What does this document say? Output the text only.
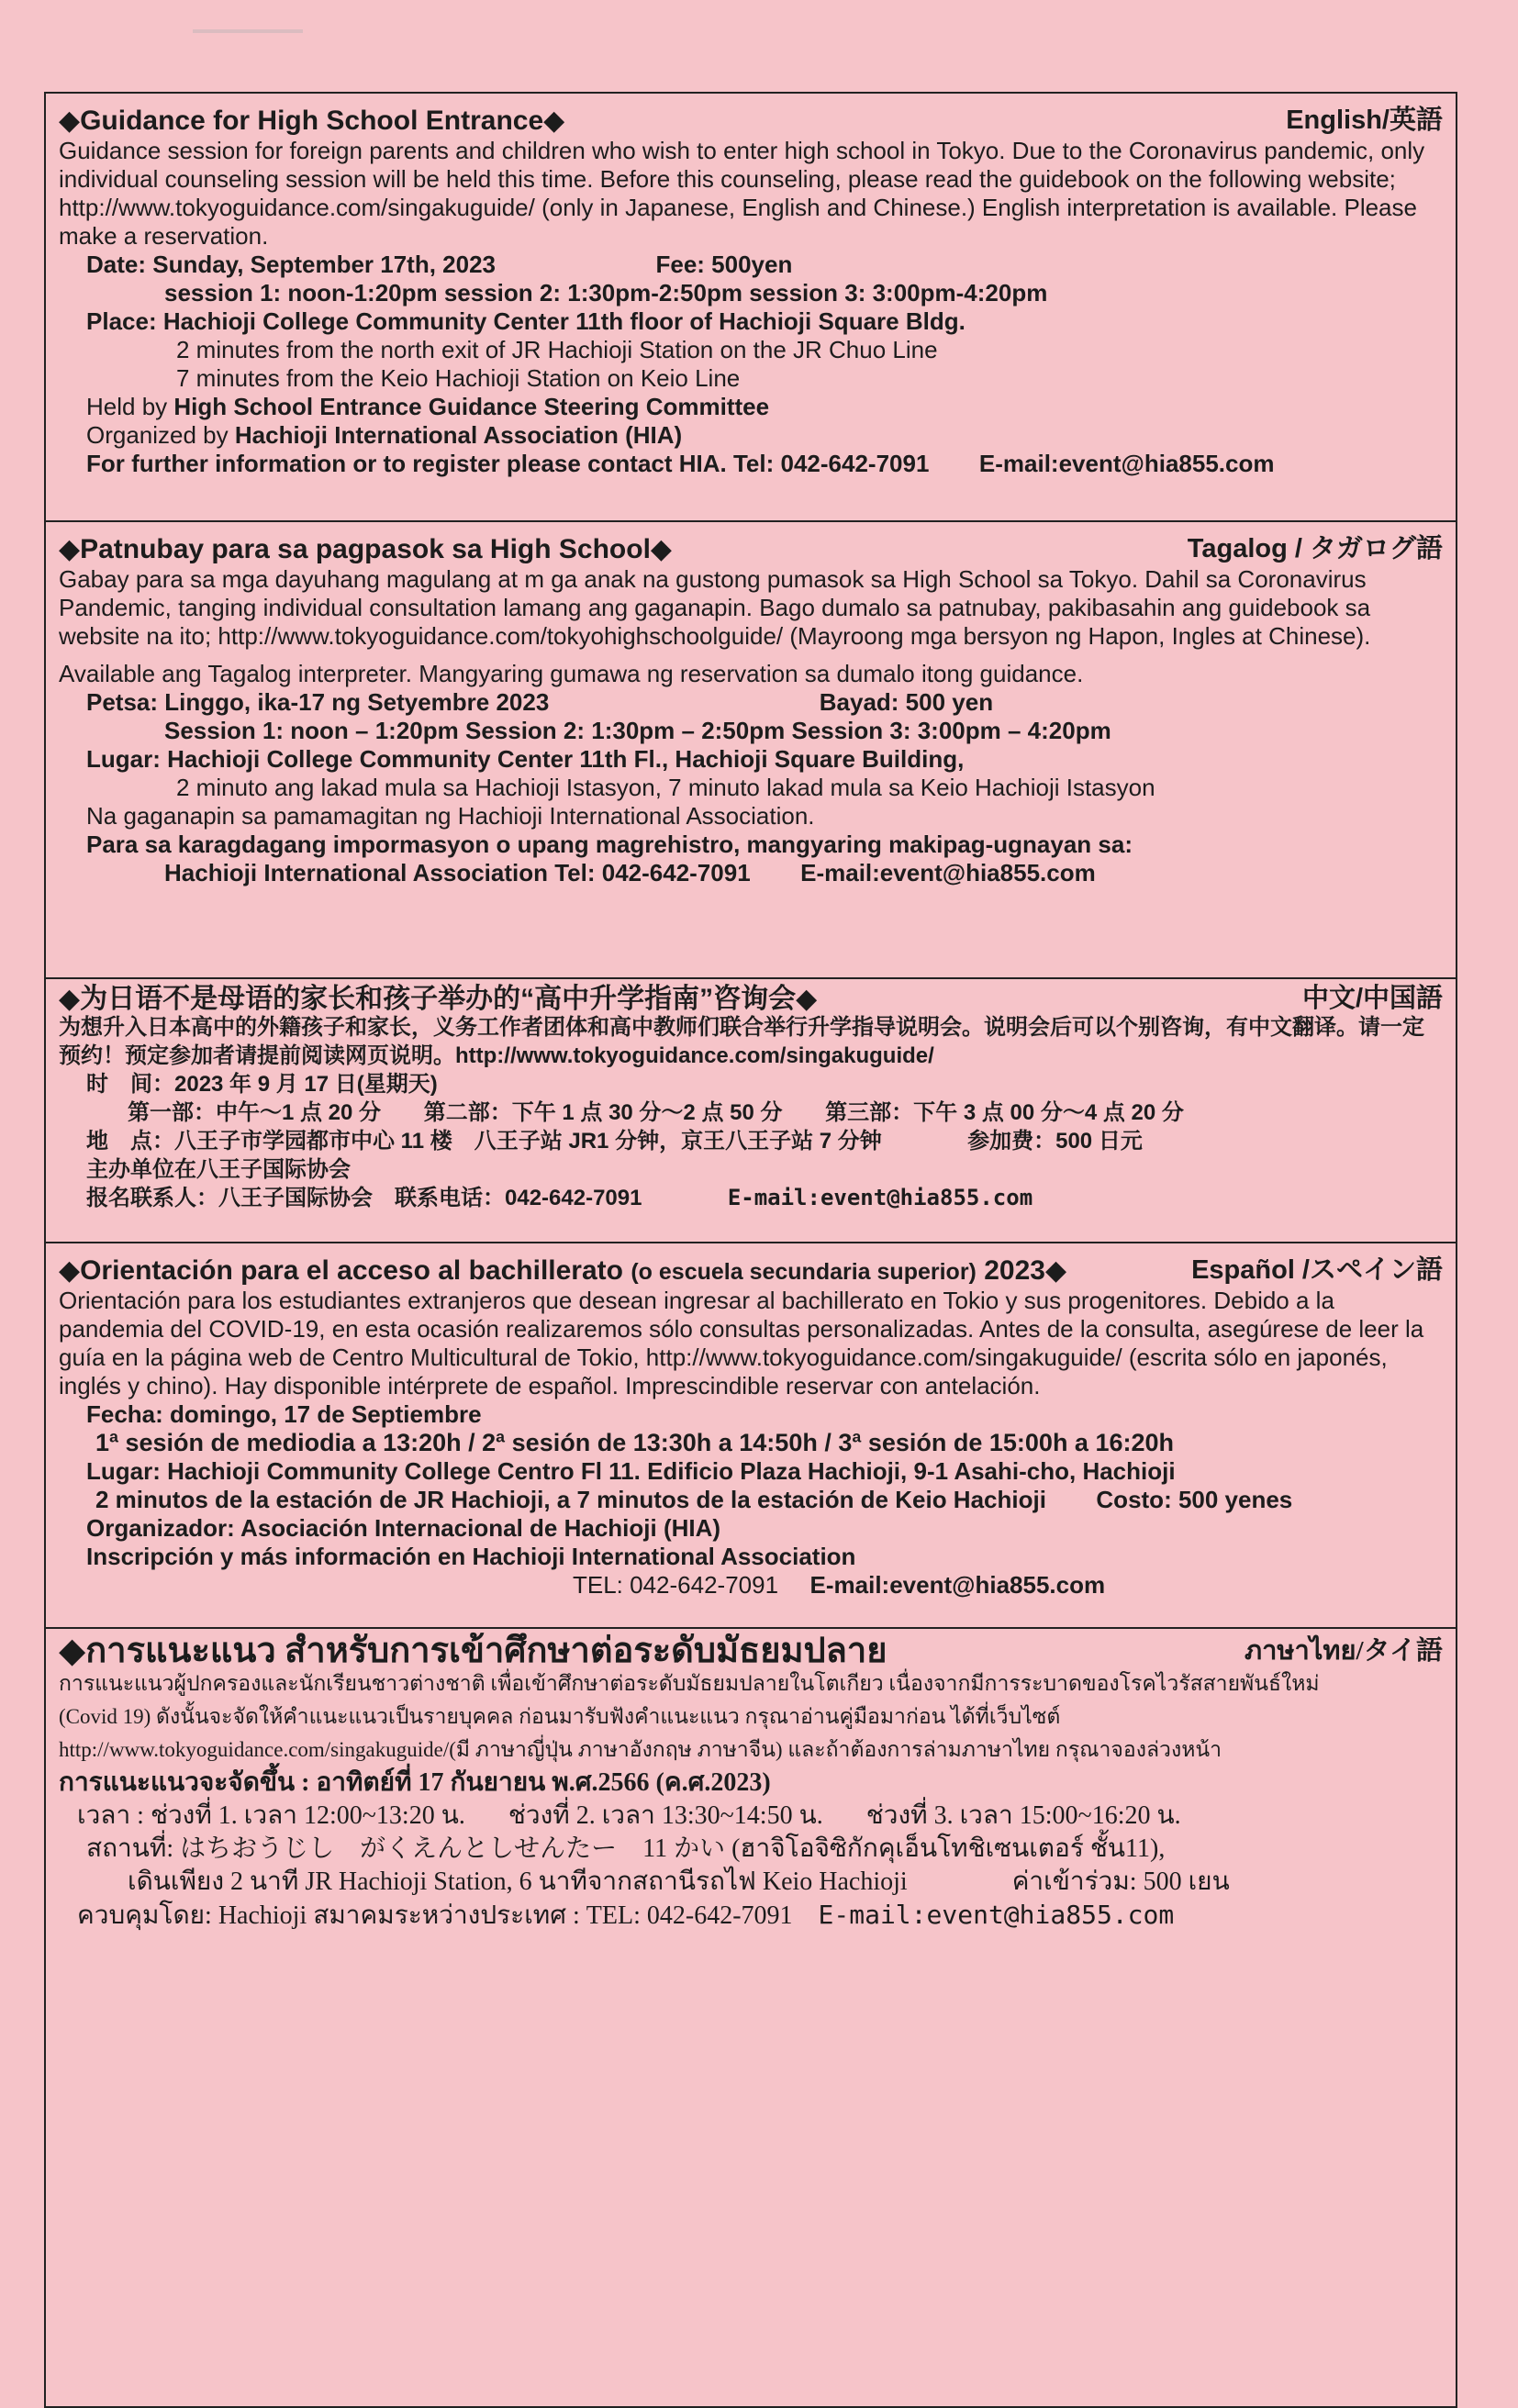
◆Guidance for High School Entrance◆	English/英語
Guidance session for foreign parents and children who wish to enter high school in Tokyo. Due to the Coronavirus pandemic, only individual counseling session will be held this time. Before this counseling, please read the guidebook on the following website; http://www.tokyoguidance.com/singakuguide/ (only in Japanese, English and Chinese.) English interpretation is available. Please make a reservation.
Date: Sunday, September 17th, 2023	Fee: 500yen
session 1: noon-1:20pm session 2: 1:30pm-2:50pm session 3: 3:00pm-4:20pm
Place: Hachioji College Community Center 11th floor of Hachioji Square Bldg.
2 minutes from the north exit of JR Hachioji Station on the JR Chuo Line
7 minutes from the Keio Hachioji Station on Keio Line
Held by High School Entrance Guidance Steering Committee
Organized by Hachioji International Association (HIA)
For further information or to register please contact HIA. Tel: 042-642-7091 E-mail:event@hia855.com
◆Patnubay para sa pagpasok sa High School◆	Tagalog / タガログ語
Gabay para sa mga dayuhang magulang at m ga anak na gustong pumasok sa High School sa Tokyo. Dahil sa Coronavirus Pandemic, tanging individual consultation lamang ang gaganapin. Bago dumalo sa patnubay, pakibasahin ang guidebook sa website na ito; http://www.tokyoguidance.com/tokyohighschoolguide/ (Mayroong mga bersyon ng Hapon, Ingles at Chinese).
Available ang Tagalog interpreter. Mangyaring gumawa ng reservation sa dumalo itong guidance.
Petsa: Linggo, ika-17 ng Setyembre 2023	Bayad: 500 yen
Session 1: noon – 1:20pm Session 2: 1:30pm – 2:50pm Session 3: 3:00pm – 4:20pm
Lugar: Hachioji College Community Center 11th Fl., Hachioji Square Building,
2 minuto ang lakad mula sa Hachioji Istasyon, 7 minuto lakad mula sa Keio Hachioji Istasyon
Na gaganapin sa pamamagitan ng Hachioji International Association.
Para sa karagdagang impormasyon o upang magrehistro, mangyaring makipag-ugnayan sa:
Hachioji International Association Tel: 042-642-7091 E-mail:event@hia855.com
◆为日语不是母语的家长和孩子举办的“高中升学指南”咨询会◆	中文/中国語
为想升入日本高中的外籍孩子和家长，义务工作者团体和高中教师们联合举行升学指导说明会。说明会后可以个别咨询，有中文翻译。请一定预约！预定参加者请提前阅读网页说明。http://www.tokyoguidance.com/singakuguide/
时　间：2023 年 9 月 17 日(星期天)
第一部：中午～1 点 20 分 第二部：下午 1 点 30 分～2 点 50 分 第三部：下午 3 点 00 分～4 点 20 分
地　点：八王子市学园都市中心 11 楼　八王子站 JR1 分钟，京王八王子站 7 分钟	参加费：500 日元
主办单位在八王子国际协会
报名联系人：八王子国际协会　联系电话：042-642-7091	E-mail:event@hia855.com
◆Orientación para el acceso al bachillerato (o escuela secundaria superior) 2023◆	Español /スペイン語
Orientación para los estudiantes extranjeros que desean ingresar al bachillerato en Tokio y sus progenitores. Debido a la pandemia del COVID-19, en esta ocasión realizaremos sólo consultas personalizadas. Antes de la consulta, asegúrese de leer la guía en la página web de Centro Multicultural de Tokio, http://www.tokyoguidance.com/singakuguide/ (escrita sólo en japonés, inglés y chino). Hay disponible intérprete de español. Imprescindible reservar con antelación.
Fecha: domingo, 17 de Septiembre
1ª sesión de mediodia a 13:20h / 2ª sesión de 13:30h a 14:50h / 3ª sesión de 15:00h a 16:20h
Lugar: Hachioji Community College Centro Fl 11. Edificio Plaza Hachioji, 9-1 Asahi-cho, Hachioji
2 minutos de la estación de JR Hachioji, a 7 minutos de la estación de Keio Hachioji Costo: 500 yenes
Organizador: Asociación Internacional de Hachioji (HIA)
Inscripción y más información en Hachioji International Association
TEL: 042-642-7091 E-mail:event@hia855.com
◆การแนะแนว สำหรับการเข้าศึกษาต่อระดับมัธยมปลาย	ภาษาไทย/タイ語
การแนะแนวผู้ปกครองและนักเรียนชาวต่างชาติ เพื่อเข้าศึกษาต่อระดับมัธยมปลายในโตเกียว เนื่องจากมีการระบาดของโรคไวรัสสายพันธ์ใหม่
(Covid 19) ดังนั้นจะจัดให้คำแนะแนวเป็นรายบุคคล ก่อนมารับฟังคำแนะแนว กรุณาอ่านคู่มือมาก่อน ได้ที่เว็บไซต์
http://www.tokyoguidance.com/singakuguide/(มี ภาษาญี่ปุ่น ภาษาอังกฤษ ภาษาจีน) และถ้าต้องการล่ามภาษาไทย กรุณาจองล่วงหน้า
การแนะแนวจะจัดขึ้น : อาทิตย์ที่ 17 กันยายน พ.ศ.2566 (ค.ศ.2023)
เวลา : ช่วงที่ 1. เวลา 12:00~13:20 น. ช่วงที่ 2. เวลา 13:30~14:50 น. ช่วงที่ 3. เวลา 15:00~16:20 น.
สถานที่: はちおうじし　がくえんとしせんたー　11 かい (ฮาจิโอจิซิกักคุเอ็นโทชิเซนเตอร์ ชั้น11),
เดินเพียง 2 นาที JR Hachioji Station, 6 นาทีจากสถานีรถไฟ Keio Hachioji	ค่าเข้าร่วม: 500 เยน
ควบคุมโดย: Hachioji สมาคมระหว่างประเทศ : TEL: 042-642-7091 E-mail:event@hia855.com
